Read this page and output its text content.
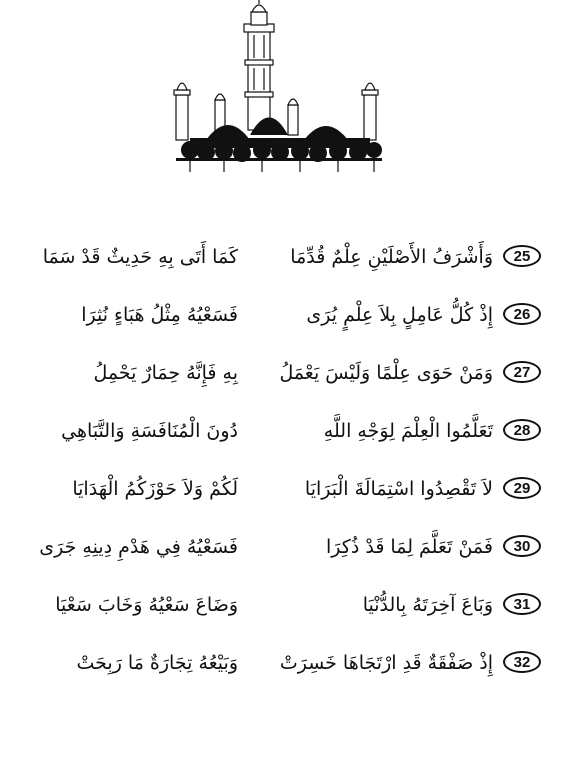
25
وَأَشْرَفُ الأَصْلَيْنِ عِلْمٌ قُدِّمَا
كَمَا أَتَى بِهِ حَدِيثٌ قَدْ سَمَا
26
إِذْ كُلُّ عَامِلٍ بِلاَ عِلْمٍ يُرَى
فَسَعْيُهُ مِثْلُ هَبَاءٍ نُثِرَا
27
وَمَنْ حَوَى عِلْمًا وَلَيْسَ يَعْمَلُ
بِهِ فَإِنَّهُ حِمَارٌ يَحْمِلُ
28
تَعَلَّمُوا الْعِلْمَ لِوَجْهِ اللَّهِ
دُونَ الْمُنَافَسَةِ وَالتَّبَاهِي
29
لاَ تَقْصِدُوا اسْتِمَالَةَ الْبَرَايَا
لَكُمْ وَلاَ حَوْزَكُمُ الْهَدَايَا
30
فَمَنْ تَعَلَّمَ لِمَا قَدْ ذُكِرَا
فَسَعْيُهُ فِي هَدْمِ دِينِهِ جَرَى
31
وَبَاعَ آخِرَتَهُ بِالدُّنْيَا
وَضَاعَ سَعْيُهُ وَخَابَ سَعْيَا
32
إِذْ صَفْقَةٌ قَدِ ارْتَجَاهَا خَسِرَتْ
وَبَيْعُهُ تِجَارَةٌ مَا رَبِحَتْ
